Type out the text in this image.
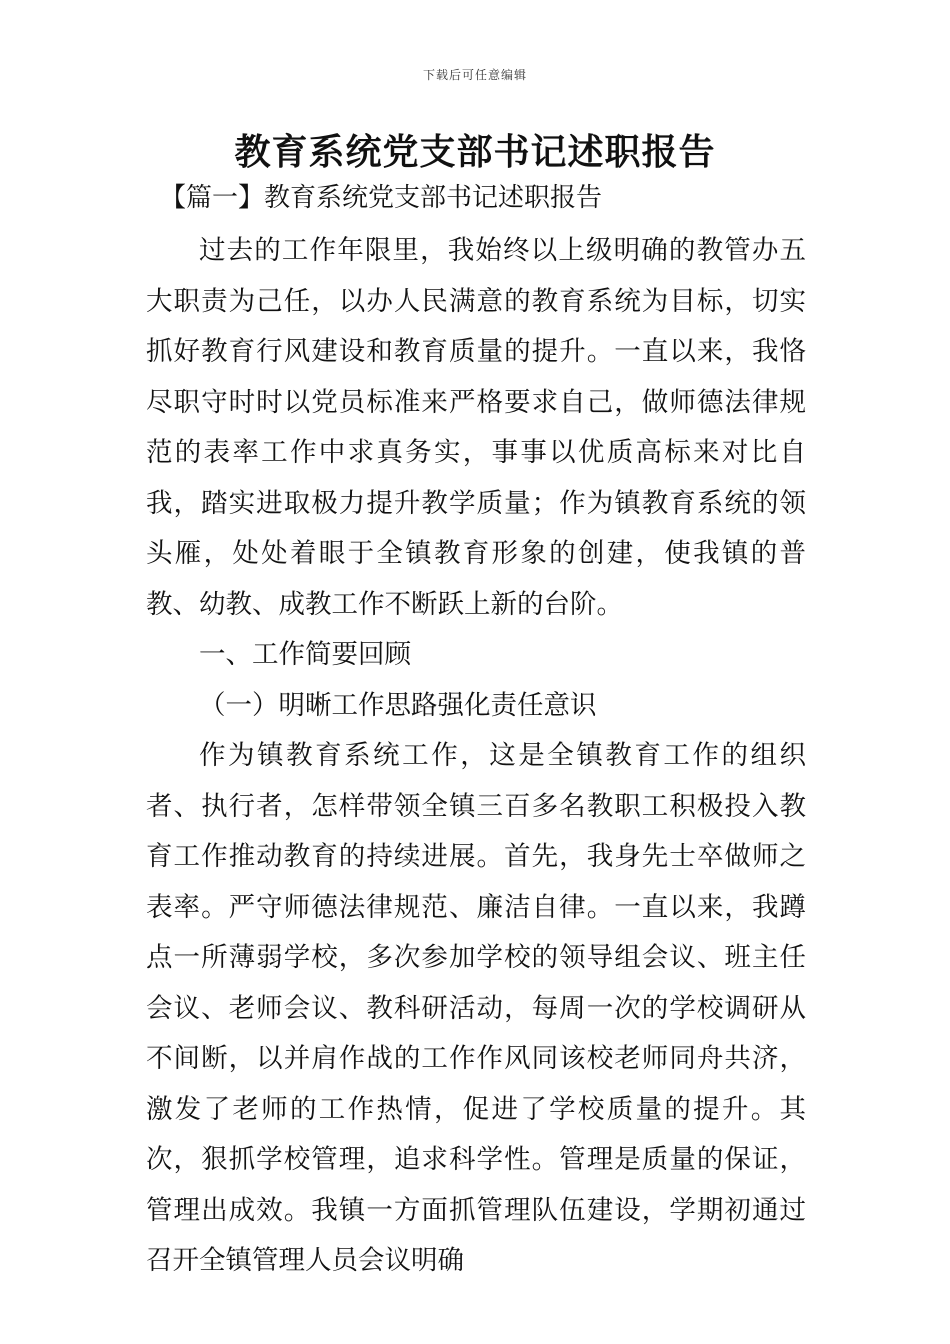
下载后可任意编辑
教育系统党支部书记述职报告
【篇一】教育系统党支部书记述职报告

过去的工作年限里，我始终以上级明确的教管办五大职责为己任，以办人民满意的教育系统为目标，切实抓好教育行风建设和教育质量的提升。一直以来，我恪尽职守时时以党员标准来严格要求自己，做师德法律规范的表率工作中求真务实，事事以优质高标来对比自我，踏实进取极力提升教学质量；作为镇教育系统的领头雁，处处着眼于全镇教育形象的创建，使我镇的普教、幼教、成教工作不断跃上新的台阶。

一、工作简要回顾

（一）明晰工作思路强化责任意识

作为镇教育系统工作，这是全镇教育工作的组织者、执行者，怎样带领全镇三百多名教职工积极投入教育工作推动教育的持续进展。首先，我身先士卒做师之表率。严守师德法律规范、廉洁自律。一直以来，我蹲点一所薄弱学校，多次参加学校的领导组会议、班主任会议、老师会议、教科研活动，每周一次的学校调研从不间断，以并肩作战的工作作风同该校老师同舟共济，激发了老师的工作热情，促进了学校质量的提升。其次，狠抓学校管理，追求科学性。管理是质量的保证，管理出成效。我镇一方面抓管理队伍建设，学期初通过召开全镇管理人员会议明确
